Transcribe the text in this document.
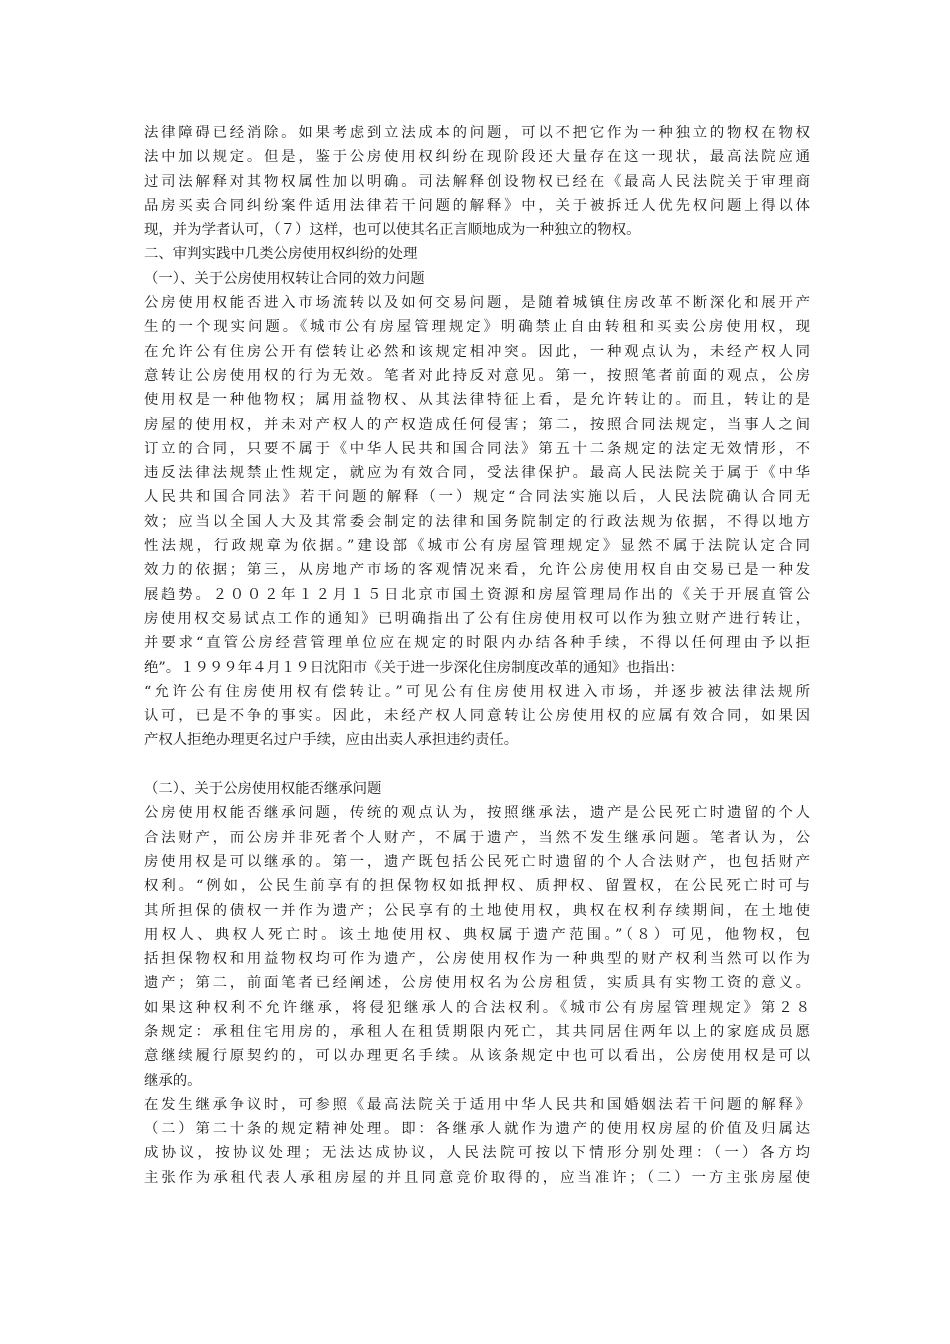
法律障碍已经消除。如果考虑到立法成本的问题，可以不把它作为一种独立的物权在物权
法中加以规定。但是，鉴于公房使用权纠纷在现阶段还大量存在这一现状，最高法院应通
过司法解释对其物权属性加以明确。司法解释创设物权已经在《最高人民法院关于审理商
品房买卖合同纠纷案件适用法律若干问题的解释》中，关于被拆迁人优先权问题上得以体
现，并为学者认可，（７）这样，也可以使其名正言顺地成为一种独立的物权。
二、审判实践中几类公房使用权纠纷的处理
（一）、关于公房使用权转让合同的效力问题
公房使用权能否进入市场流转以及如何交易问题，是随着城镇住房改革不断深化和展开产
生的一个现实问题。《城市公有房屋管理规定》明确禁止自由转租和买卖公房使用权，现
在允许公有住房公开有偿转让必然和该规定相冲突。因此，一种观点认为，未经产权人同
意转让公房使用权的行为无效。笔者对此持反对意见。第一，按照笔者前面的观点，公房
使用权是一种他物权；属用益物权、从其法律特征上看，是允许转让的。而且，转让的是
房屋的使用权，并未对产权人的产权造成任何侵害；第二，按照合同法规定，当事人之间
订立的合同，只要不属于《中华人民共和国合同法》第五十二条规定的法定无效情形，不
违反法律法规禁止性规定，就应为有效合同，受法律保护。最高人民法院关于属于《中华
人民共和国合同法》若干问题的解释（一）规定“合同法实施以后，人民法院确认合同无
效；应当以全国人大及其常委会制定的法律和国务院制定的行政法规为依据，不得以地方
性法规，行政规章为依据。”建设部《城市公有房屋管理规定》显然不属于法院认定合同
效力的依据；第三，从房地产市场的客观情况来看，允许公房使用权自由交易已是一种发
展趋势。２００２年１２月１５日北京市国土资源和房屋管理局作出的《关于开展直管公
房使用权交易试点工作的通知》已明确指出了公有住房使用权可以作为独立财产进行转让，
并要求“直管公房经营管理单位应在规定的时限内办结各种手续，不得以任何理由予以拒
绝”。１９９９年４月１９日沈阳市《关于进一步深化住房制度改革的通知》也指出：
“允许公有住房使用权有偿转让。”可见公有住房使用权进入市场，并逐步被法律法规所
认可，已是不争的事实。因此，未经产权人同意转让公房使用权的应属有效合同，如果因
产权人拒绝办理更名过户手续，应由出卖人承担违约责任。
（二）、关于公房使用权能否继承问题
公房使用权能否继承问题，传统的观点认为，按照继承法，遗产是公民死亡时遗留的个人
合法财产，而公房并非死者个人财产，不属于遗产，当然不发生继承问题。笔者认为，公
房使用权是可以继承的。第一，遗产既包括公民死亡时遗留的个人合法财产，也包括财产
权利。“例如，公民生前享有的担保物权如抵押权、质押权、留置权，在公民死亡时可与
其所担保的债权一并作为遗产；公民享有的土地使用权，典权在权利存续期间，在土地使
用权人、典权人死亡时。该土地使用权、典权属于遗产范围。”（８）可见，他物权，包
括担保物权和用益物权均可作为遗产，公房使用权作为一种典型的财产权利当然可以作为
遗产；第二，前面笔者已经阐述，公房使用权名为公房租赁，实质具有实物工资的意义。
如果这种权利不允许继承，将侵犯继承人的合法权利。《城市公有房屋管理规定》第２８
条规定：承租住宅用房的，承租人在租赁期限内死亡，其共同居住两年以上的家庭成员愿
意继续履行原契约的，可以办理更名手续。从该条规定中也可以看出，公房使用权是可以
继承的。
在发生继承争议时，可参照《最高法院关于适用中华人民共和国婚姻法若干问题的解释》
（二）第二十条的规定精神处理。即：各继承人就作为遗产的使用权房屋的价值及归属达
成协议，按协议处理；无法达成协议，人民法院可按以下情形分别处理：（一）各方均
主张作为承租代表人承租房屋的并且同意竞价取得的，应当准许；（二）一方主张房屋使
